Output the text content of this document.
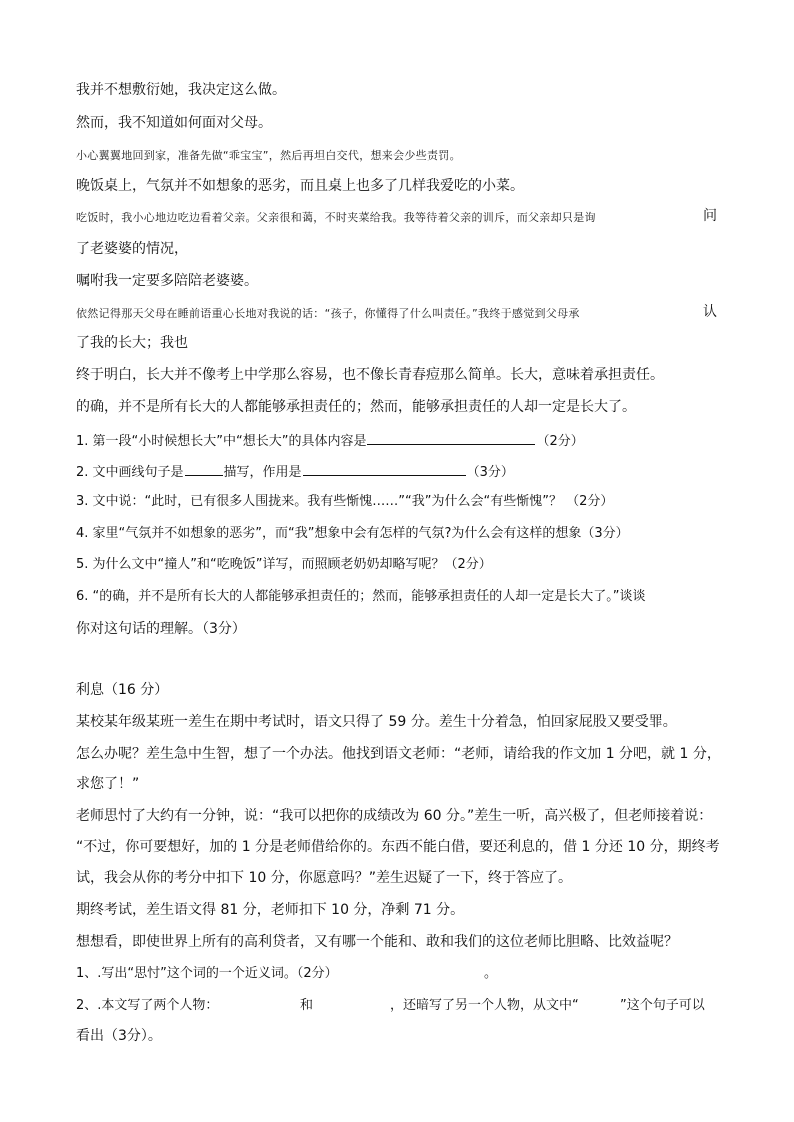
我并不想敷衍她，我决定这么做。
然而，我不知道如何面对父母。
小心翼翼地回到家，准备先做“乖宝宝”，然后再坦白交代，想来会少些责罚。
晚饭桌上，气氛并不如想象的恶劣，而且桌上也多了几样我爱吃的小菜。
吃饭时，我小心地边吃边看着父亲。父亲很和蔼，不时夹菜给我。我等待着父亲的训斥，而父亲却只是询	问
了老婆婆的情况，
嘱咐我一定要多陪陪老婆婆。
依然记得那天父母在睡前语重心长地对我说的话：“孩子，你懂得了什么叫责任。”我终于感觉到父母承	认
了我的长大；我也
终于明白，长大并不像考上中学那么容易，也不像长青春痘那么简单。长大，意味着承担责任。
的确，并不是所有长大的人都能够承担责任的；然而，能够承担责任的人却一定是长大了。
1. 第一段“小时候想长大”中“想长大”的具体内容是	（2分）
2. 文中画线句子是	描写，作用是	（3分）
3. 文中说：“此时，已有很多人围拢来。我有些惭愧……”“我”为什么会“有些惭愧”？ （2分）
4. 家里“气氛并不如想象的恶劣”，而“我”想象中会有怎样的气氛?为什么会有这样的想象（3分）
5. 为什么文中“撞人”和“吃晚饭”详写，而照顾老奶奶却略写呢？（2分）
6. “的确，并不是所有长大的人都能够承担责任的；然而，能够承担责任的人却一定是长大了。”谈谈
你对这句话的理解。（3分）
利息（16 分）
某校某年级某班一差生在期中考试时，语文只得了 59 分。差生十分着急，怕回家屁股又要受罪。
怎么办呢？差生急中生智，想了一个办法。他找到语文老师：“老师，请给我的作文加 1 分吧，就 1 分，
求您了！”
老师思忖了大约有一分钟，说：“我可以把你的成绩改为 60 分。”差生一听，高兴极了，但老师接着说：
“不过，你可要想好，加的 1 分是老师借给你的。东西不能白借，要还利息的，借 1 分还 10 分，期终考
试，我会从你的考分中扣下 10 分，你愿意吗？”差生迟疑了一下，终于答应了。
期终考试，差生语文得 81 分，老师扣下 10 分，净剩 71 分。
想想看，即使世界上所有的高利贷者，又有哪一个能和、敢和我们的这位老师比胆略、比效益呢？
1、.写出“思忖”这个词的一个近义词。（2分）	。
2、.本文写了两个人物：	和	，还暗写了另一个人物，从文中“	”这个句子可以
看出（3分）。
